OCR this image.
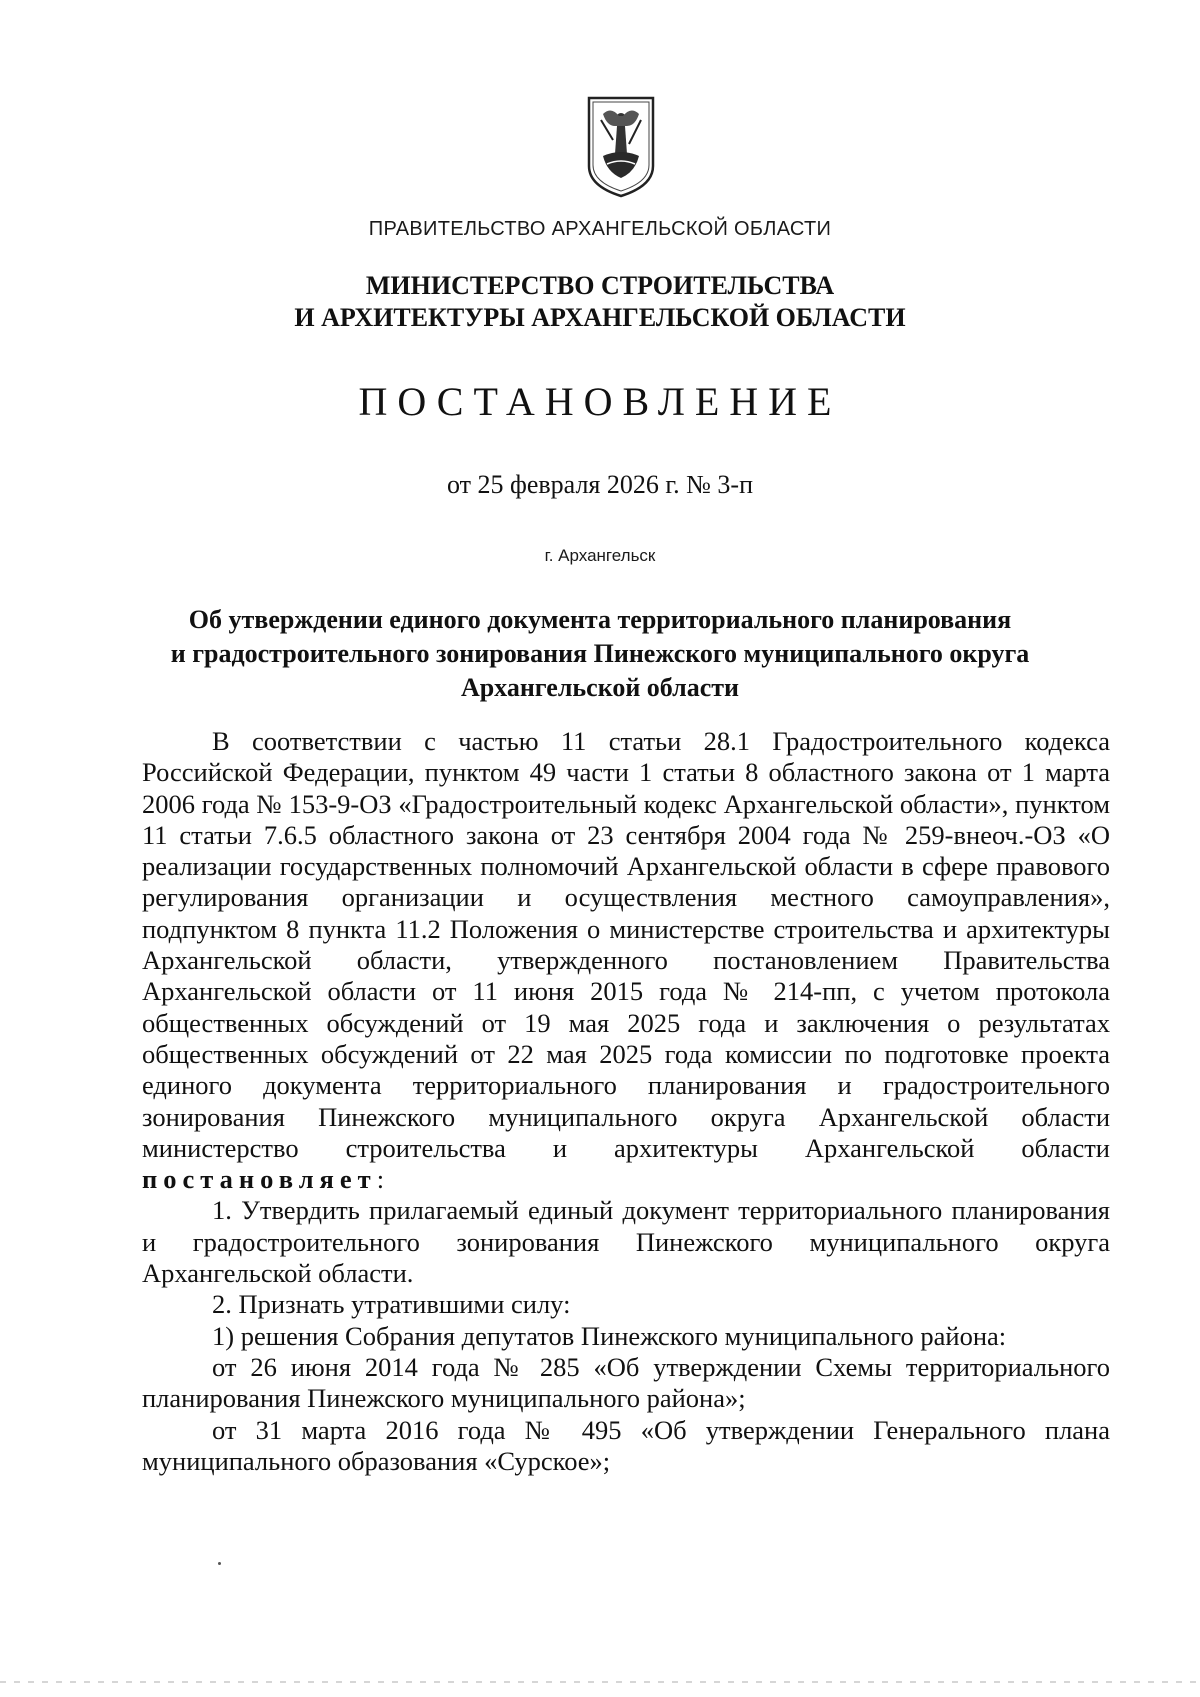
ПРАВИТЕЛЬСТВО АРХАНГЕЛЬСКОЙ ОБЛАСТИ
МИНИСТЕРСТВО СТРОИТЕЛЬСТВА
И АРХИТЕКТУРЫ АРХАНГЕЛЬСКОЙ ОБЛАСТИ
ПОСТАНОВЛЕНИЕ
от 25 февраля 2026 г. № 3-п
г. Архангельск
Об утверждении единого документа территориального планирования
и градостроительного зонирования Пинежского муниципального округа
Архангельской области

В соответствии с частью 11 статьи 28.1 Градостроительного кодекса Российской Федерации, пунктом 49 части 1 статьи 8 областного закона от 1 марта 2006 года № 153-9-ОЗ «Градостроительный кодекс Архангельской области», пунктом 11 статьи 7.6.5 областного закона от 23 сентября 2004 года № 259-внеоч.-ОЗ «О реализации государственных полномочий Архангельской области в сфере правового регулирования организации и осуществления местного самоуправления», подпунктом 8 пункта 11.2 Положения о министерстве строительства и архитектуры Архангельской области, утвержденного постановлением Правительства Архангельской области от 11 июня 2015 года № 214-пп, с учетом протокола общественных обсуждений от 19 мая 2025 года и заключения о результатах общественных обсуждений от 22 мая 2025 года комиссии по подготовке проекта единого документа территориального планирования и градостроительного зонирования Пинежского муниципального округа Архангельской области министерство строительства и архитектуры Архангельской области постановляет:

1. Утвердить прилагаемый единый документ территориального планирования и градостроительного зонирования Пинежского муниципального округа Архангельской области.

2. Признать утратившими силу:

1) решения Собрания депутатов Пинежского муниципального района:

от 26 июня 2014 года № 285 «Об утверждении Схемы территориального планирования Пинежского муниципального района»;

от 31 марта 2016 года № 495 «Об утверждении Генерального плана муниципального образования «Сурское»;
